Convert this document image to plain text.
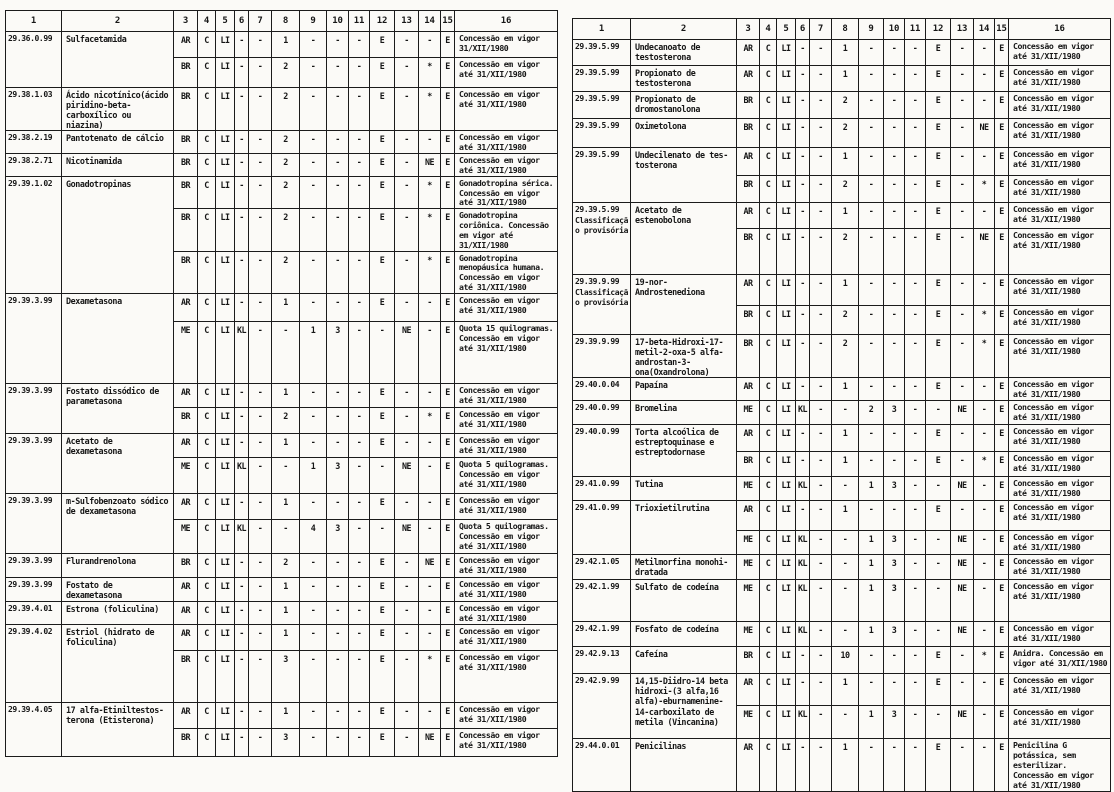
1	2	3	4	5	6	7	8	9	10	11	12	13	14	15	16

29.36.0.99	Sulfacetamida	AR	C	LI	-	-	1	-	-	-	E	-	-	E	Concessão em vigor 31/XII/1980
		BR	C	LI	-	-	2	-	-	-	E	-	*	E	Concessão em vigor até 31/XII/1980

29.38.1.03	Ácido nicotínico(ácido piridino-beta-carboxílico ou niazina)	BR	C	LI	-	-	2	-	-	-	E	-	*	E	Concessão em vigor até 31/XII/1980

29.38.2.19	Pantotenato de cálcio	BR	C	LI	-	-	2	-	-	-	E	-	-	E	Concessão em vigor até 31/XII/1980

29.38.2.71	Nicotinamida	BR	C	LI	-	-	2	-	-	-	E	-	NE	E	Concessão em vigor até 31/XII/1980

29.39.1.02	Gonadotropinas	BR	C	LI	-	-	2	-	-	-	E	-	*	E	Gonadotropina sérica. Concessão em vigor até 31/XII/1980
		BR	C	LI	-	-	2	-	-	-	E	-	*	E	Gonadotropina coriônica. Concessão em vigor até 31/XII/1980
		BR	C	LI	-	-	2	-	-	-	E	-	*	E	Gonadotropina menopáusica humana. Concessão em vigor até 31/XII/1980

29.39.3.99	Dexametasona	AR	C	LI	-	-	1	-	-	-	E	-	-	E	Concessão em vigor até 31/XII/1980
		ME	C	LI	KL	-	-	1	3	-	-	NE	-	E	Quota 15 quilogramas. Concessão em vigor até 31/XII/1980

29.39.3.99	Fostato dissódico de parametasona	AR	C	LI	-	-	1	-	-	-	E	-	-	E	Concessão em vigor até 31/XII/1980
		BR	C	LI	-	-	2	-	-	-	E	-	*	E	Concessão em vigor até 31/XII/1980

29.39.3.99	Acetato de dexametasona	AR	C	LI	-	-	1	-	-	-	E	-	-	E	Concessão em vigor até 31/XII/1980
		ME	C	LI	KL	-	-	1	3	-	-	NE	-	E	Quota 5 quilogramas. Concessão em vigor até 31/XII/1980

29.39.3.99	m-Sulfobenzoato sódico de dexametasona	AR	C	LI	-	-	1	-	-	-	E	-	-	E	Concessão em vigor até 31/XII/1980
		ME	C	LI	KL	-	-	4	3	-	-	NE	-	E	Quota 5 quilogramas. Concessão em vigor até 31/XII/1980

29.39.3.99	Flurandrenolona	BR	C	LI	-	-	2	-	-	-	E	-	NE	E	Concessão em vigor até 31/XII/1980

29.39.3.99	Fostato de dexametasona	AR	C	LI	-	-	1	-	-	-	E	-	-	E	Concessão em vigor até 31/XII/1980

29.39.4.01	Estrona (foliculina)	AR	C	LI	-	-	1	-	-	-	E	-	-	E	Concessão em vigor até 31/XII/1980

29.39.4.02	Estriol (hidrato de foliculina)	AR	C	LI	-	-	1	-	-	-	E	-	-	E	Concessão em vigor até 31/XII/1980
		BR	C	LI	-	-	3	-	-	-	E	-	*	E	Concessão em vigor até 31/XII/1980

29.39.4.05	17 alfa-Etiniltestos-terona (Etisterona)	AR	C	LI	-	-	1	-	-	-	E	-	-	E	Concessão em vigor até 31/XII/1980
		BR	C	LI	-	-	3	-	-	-	E	-	NE	E	Concessão em vigor até 31/XII/1980
1	2	3	4	5	6	7	8	9	10	11	12	13	14	15	16

29.39.5.99	Undecanoato de testosterona	AR	C	LI	-	-	1	-	-	-	E	-	-	E	Concessão em vigor até 31/XII/1980

29.39.5.99	Propionato de testosterona	AR	C	LI	-	-	1	-	-	-	E	-	-	E	Concessão em vigor até 31/XII/1980

29.39.5.99	Propionato de dromostanolona	BR	C	LI	-	-	2	-	-	-	E	-	-	E	Concessão em vigor até 31/XII/1980

29.39.5.99	Oximetolona	BR	C	LI	-	-	2	-	-	-	E	-	NE	E	Concessão em vigor até 31/XII/1980

29.39.5.99	Undecilenato de tes-tosterona	AR	C	LI	-	-	1	-	-	-	E	-	-	E	Concessão em vigor até 31/XII/1980
		BR	C	LI	-	-	2	-	-	-	E	-	*	E	Concessão em vigor até 31/XII/1980

29.39.5.99
Classificação provisória	Acetato de estenobolona	AR	C	LI	-	-	1	-	-	-	E	-	-	E	Concessão em vigor até 31/XII/1980
		BR	C	LI	-	-	2	-	-	-	E	-	NE	E	Concessão em vigor até 31/XII/1980

29.39.9.99
Classificação provisória	19-nor-Androstenediona	AR	C	LI	-	-	1	-	-	-	E	-	-	E	Concessão em vigor até 31/XII/1980
		BR	C	LI	-	-	2	-	-	-	E	-	*	E	Concessão em vigor até 31/XII/1980

29.39.9.99	17-beta-Hidroxi-17-metil-2-oxa-5 alfa-androstan-3-ona(Oxandrolona)	BR	C	LI	-	-	2	-	-	-	E	-	*	E	Concessão em vigor até 31/XII/1980

29.40.0.04	Papaína	AR	C	LI	-	-	1	-	-	-	E	-	-	E	Concessão em vigor até 31/XII/1980

29.40.0.99	Bromelina	ME	C	LI	KL	-	-	2	3	-	-	NE	-	E	Concessão em vigor até 31/XII/1980

29.40.0.99	Torta alcoólica de estreptoquinase e estreptodornase	AR	C	LI	-	-	1	-	-	-	E	-	-	E	Concessão em vigor até 31/XII/1980
		BR	C	LI	-	-	1	-	-	-	E	-	*	E	Concessão em vigor até 31/XII/1980

29.41.0.99	Tutina	ME	C	LI	KL	-	-	1	3	-	-	NE	-	E	Concessão em vigor até 31/XII/1980

29.41.0.99	Trioxietilrutina	AR	C	LI	-	-	1	-	-	-	E	-	-	E	Concessão em vigor até 31/XII/1980
		ME	C	LI	KL	-	-	1	3	-	-	NE	-	E	Concessão em vigor até 31/XII/1980

29.42.1.05	Metilmorfina monohi-dratada	ME	C	LI	KL	-	-	1	3	-	-	NE	-	E	Concessão em vigor até 31/XII/1980

29.42.1.99	Sulfato de codeína	ME	C	LI	KL	-	-	1	3	-	-	NE	-	E	Concessão em vigor até 31/XII/1980

29.42.1.99	Fosfato de codeína	ME	C	LI	KL	-	-	1	3	-	-	NE	-	E	Concessão em vigor até 31/XII/1980

29.42.9.13	Cafeína	BR	C	LI	-	-	10	-	-	-	E	-	*	E	Anidra. Concessão em vigor até 31/XII/1980

29.42.9.99	14,15-Diidro-14 beta hidroxi-(3 alfa,16 alfa)-eburnamenine-14-carboxilato de metila (Vincanina)	AR	C	LI	-	-	1	-	-	-	E	-	-	E	Concessão em vigor até 31/XII/1980
		ME	C	LI	KL	-	-	1	3	-	-	NE	-	E	Concessão em vigor até 31/XII/1980

29.44.0.01	Penicilinas	AR	C	LI	-	-	1	-	-	-	E	-	-	E	Penicilina G potássica, sem esterilizar. Concessão em vigor até 31/XII/1980
